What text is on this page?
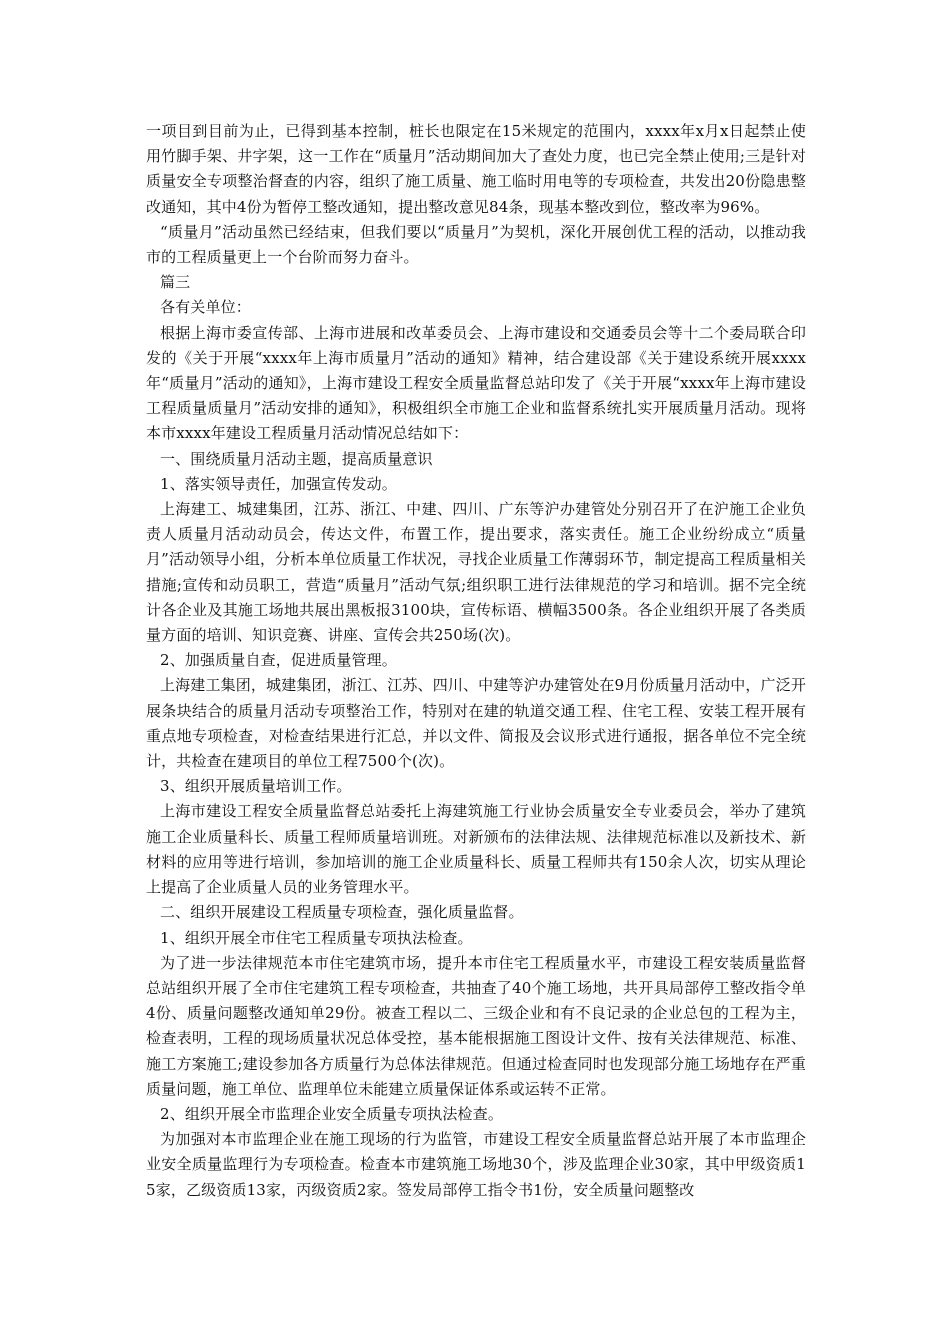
一项目到目前为止，已得到基本控制，桩长也限定在15米规定的范围内，xxxx年x月x日起禁止使用竹脚手架、井字架，这一工作在“质量月”活动期间加大了查处力度，也已完全禁止使用;三是针对质量安全专项整治督查的内容，组织了施工质量、施工临时用电等的专项检查，共发出20份隐患整改通知，其中4份为暂停工整改通知，提出整改意见84条，现基本整改到位，整改率为96%。

“质量月”活动虽然已经结束，但我们要以“质量月”为契机，深化开展创优工程的活动，以推动我市的工程质量更上一个台阶而努力奋斗。

篇三

各有关单位：

根据上海市委宣传部、上海市进展和改革委员会、上海市建设和交通委员会等十二个委局联合印发的《关于开展“xxxx年上海市质量月”活动的通知》精神，结合建设部《关于建设系统开展xxxx年“质量月”活动的通知》，上海市建设工程安全质量监督总站印发了《关于开展“xxxx年上海市建设工程质量质量月”活动安排的通知》，积极组织全市施工企业和监督系统扎实开展质量月活动。现将本市xxxx年建设工程质量月活动情况总结如下：

一、围绕质量月活动主题，提高质量意识

1、落实领导责任，加强宣传发动。

上海建工、城建集团，江苏、浙江、中建、四川、广东等沪办建管处分别召开了在沪施工企业负责人质量月活动动员会，传达文件，布置工作，提出要求，落实责任。施工企业纷纷成立“质量月”活动领导小组，分析本单位质量工作状况，寻找企业质量工作薄弱环节，制定提高工程质量相关措施;宣传和动员职工，营造“质量月”活动气氛;组织职工进行法律规范的学习和培训。据不完全统计各企业及其施工场地共展出黑板报3100块，宣传标语、横幅3500条。各企业组织开展了各类质量方面的培训、知识竞赛、讲座、宣传会共250场(次)。

2、加强质量自查，促进质量管理。

上海建工集团，城建集团，浙江、江苏、四川、中建等沪办建管处在9月份质量月活动中，广泛开展条块结合的质量月活动专项整治工作，特别对在建的轨道交通工程、住宅工程、安装工程开展有重点地专项检查，对检查结果进行汇总，并以文件、简报及会议形式进行通报，据各单位不完全统计，共检查在建项目的单位工程7500个(次)。

3、组织开展质量培训工作。

上海市建设工程安全质量监督总站委托上海建筑施工行业协会质量安全专业委员会，举办了建筑施工企业质量科长、质量工程师质量培训班。对新颁布的法律法规、法律规范标准以及新技术、新材料的应用等进行培训，参加培训的施工企业质量科长、质量工程师共有150余人次，切实从理论上提高了企业质量人员的业务管理水平。

二、组织开展建设工程质量专项检查，强化质量监督。

1、组织开展全市住宅工程质量专项执法检查。

为了进一步法律规范本市住宅建筑市场，提升本市住宅工程质量水平，市建设工程安装质量监督总站组织开展了全市住宅建筑工程专项检查，共抽查了40个施工场地，共开具局部停工整改指令单4份、质量问题整改通知单29份。被查工程以二、三级企业和有不良记录的企业总包的工程为主，检查表明，工程的现场质量状况总体受控，基本能根据施工图设计文件、按有关法律规范、标准、施工方案施工;建设参加各方质量行为总体法律规范。但通过检查同时也发现部分施工场地存在严重质量问题，施工单位、监理单位未能建立质量保证体系或运转不正常。

2、组织开展全市监理企业安全质量专项执法检查。

为加强对本市监理企业在施工现场的行为监管，市建设工程安全质量监督总站开展了本市监理企业安全质量监理行为专项检查。检查本市建筑施工场地30个，涉及监理企业30家，其中甲级资质15家，乙级资质13家，丙级资质2家。签发局部停工指令书1份，安全质量问题整改
